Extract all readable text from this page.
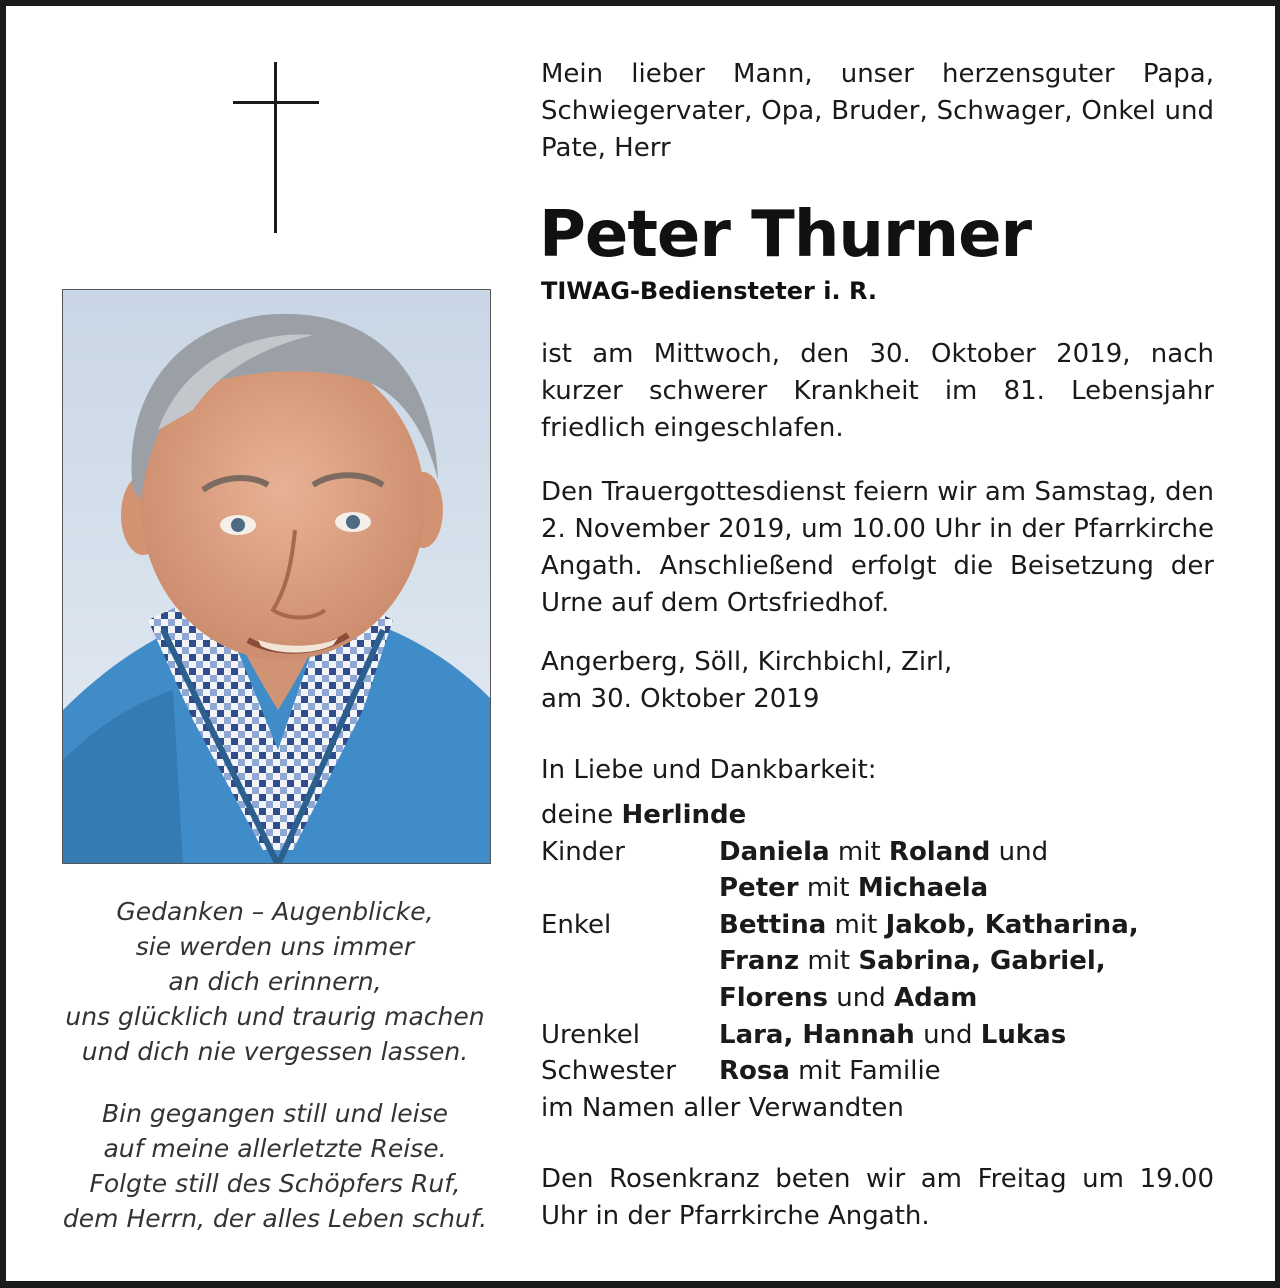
Gedanken – Augenblicke,
sie werden uns immer
an dich erinnern,
uns glücklich und traurig machen
und dich nie vergessen lassen.

Bin gegangen still und leise
auf meine allerletzte Reise.
Folgte still des Schöpfers Ruf,
dem Herrn, der alles Leben schuf.

Mein lieber Mann, unser herzensguter Papa, Schwiegervater, Opa, Bruder, Schwager, Onkel und Pate, Herr

Peter Thurner

TIWAG-Bediensteter i. R.

ist am Mittwoch, den 30. Oktober 2019, nach kurzer schwerer Krankheit im 81. Lebensjahr friedlich eingeschlafen.

Den Trauergottesdienst feiern wir am Samstag, den 2. November 2019, um 10.00 Uhr in der Pfarrkirche Angath. Anschließend erfolgt die Beisetzung der Urne auf dem Ortsfriedhof.

Angerberg, Söll, Kirchbichl, Zirl,
am 30. Oktober 2019

In Liebe und Dankbarkeit:

deine
Herlinde
Kinder	Daniela mit Roland und
Peter mit Michaela
Enkel	Bettina mit Jakob, Katharina,
Franz mit Sabrina, Gabriel,
Florens und Adam
Urenkel	Lara, Hannah und Lukas
Schwester	Rosa mit Familie
im Namen aller Verwandten

Den Rosenkranz beten wir am Freitag um 19.00 Uhr in der Pfarrkirche Angath.
